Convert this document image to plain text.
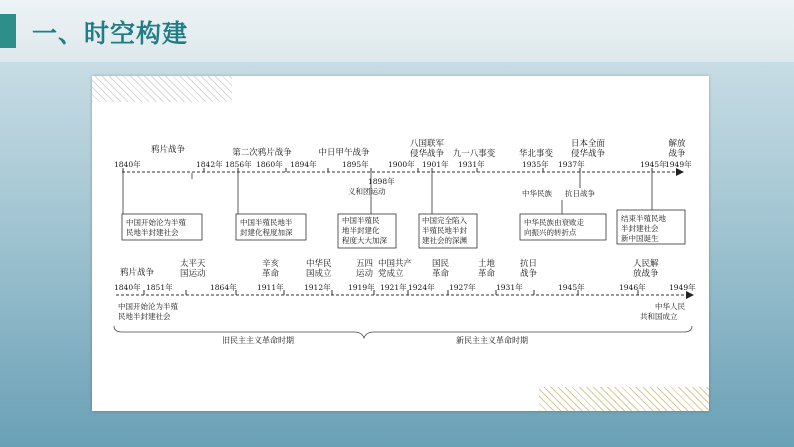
一、时空构建
鸦片战争	第二次鸦片战争	中日甲午战争
八国联军
侵华战争 九一八事变	华北事变
日本全面
侵华战争
解放
战争
1840年	1842年 1856年 1860年 1894年	1895年	1900年 1901年 1931年	1935年 1937年	1945年
1949年
1898年
义和团运动	中华民族 抗日战争
中国开始沦为半殖
民地半封建社会
中国半殖民地半
封建化程度加深
中国半殖民
地半封建化
程度大大加深
中国完全陷入
半殖民地半封
建社会的深渊
中华民族由衰败走
向振兴的转折点
结束半殖民地
半封建社会
新中国诞生
鸦片战争
太平天
国运动
辛亥
革命
中华民
国成立
五四
运动
中国共产
党成立
国民
革命
土地
革命
抗日
战争
人民解
放战争
1840年 1851年	1864年	1911年	1912年 1919年 1921年 1924年 1927年	1931年	1945年	1946年	1949年
中国开始沦为半殖
民地半封建社会
中华人民
共和国成立
旧民主主义革命时期	新民主主义革命时期
